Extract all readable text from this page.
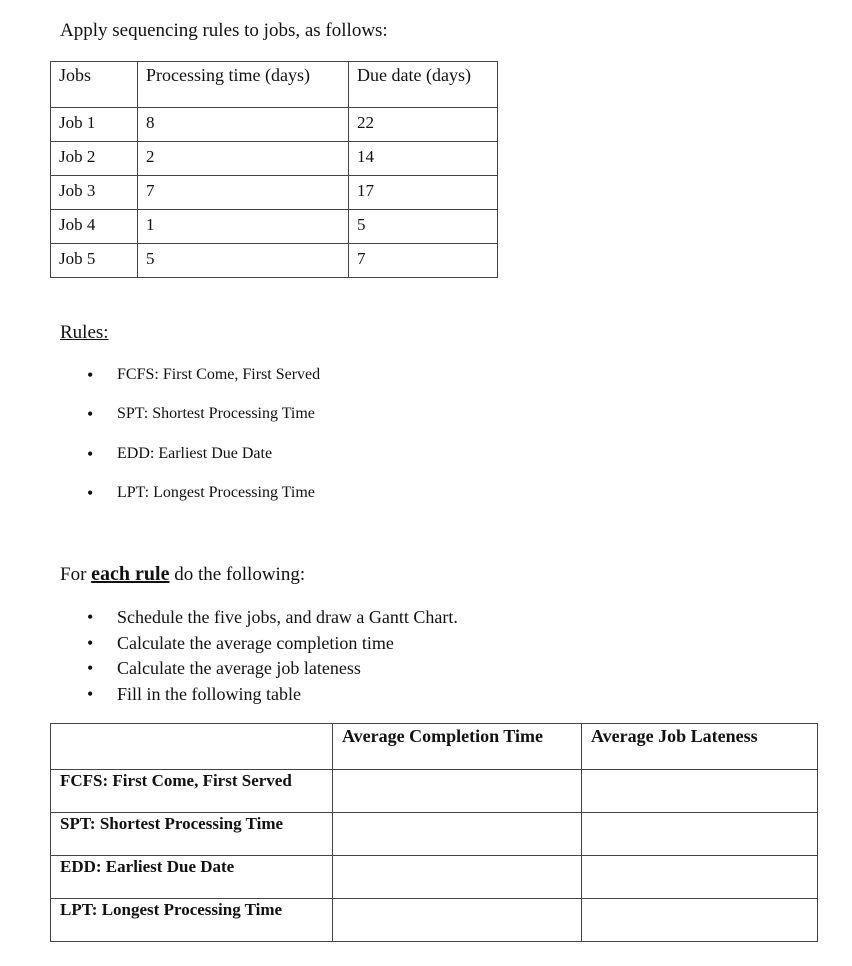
Apply sequencing rules to jobs, as follows:

Jobs	Processing time (days)	Due date (days)
Job 1	8	22
Job 2	2	14
Job 3	7	17
Job 4	1	5
Job 5	5	7

Rules:

• FCFS: First Come, First Served
• SPT: Shortest Processing Time
• EDD: Earliest Due Date
• LPT: Longest Processing Time

For each rule do the following:

• Schedule the five jobs, and draw a Gantt Chart.
• Calculate the average completion time
• Calculate the average job lateness
• Fill in the following table
	Average Completion Time	Average Job Lateness
FCFS: First Come, First Served		
SPT: Shortest Processing Time		
EDD: Earliest Due Date		
LPT: Longest Processing Time		
